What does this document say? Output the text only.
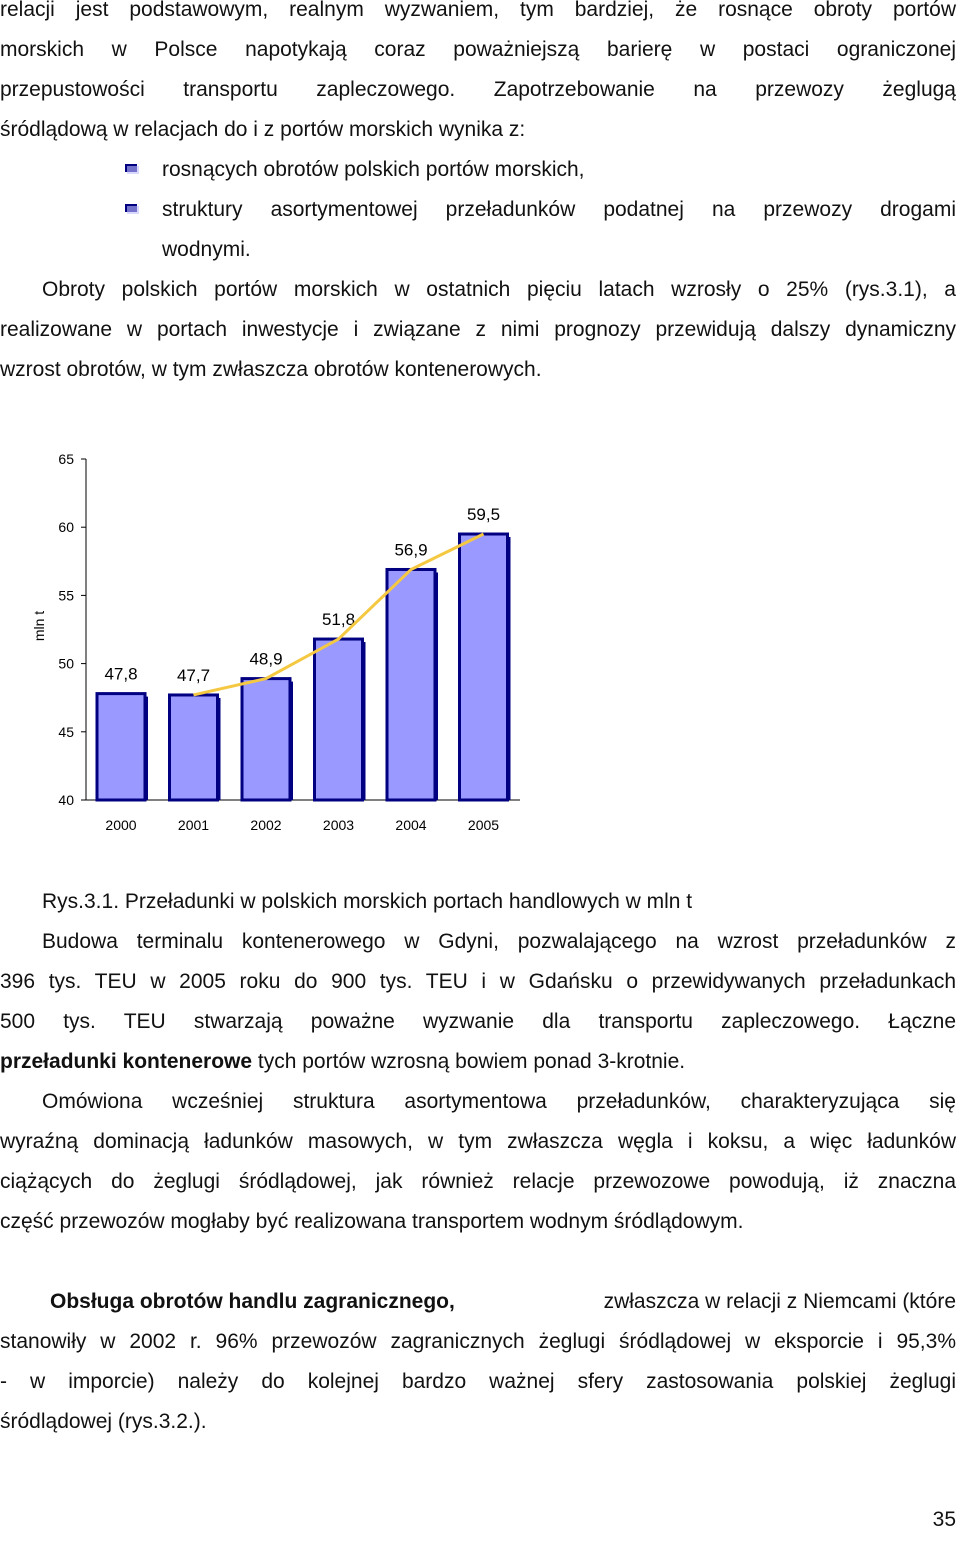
relacji jest podstawowym, realnym wyzwaniem, tym bardziej, że rosnące obroty portów
morskich w Polsce napotykają coraz poważniejszą barierę w postaci ograniczonej
przepustowości transportu zapleczowego. Zapotrzebowanie na przewozy żeglugą
śródlądową w relacjach do i z portów morskich wynika z:
rosnących obrotów polskich portów morskich,
struktury asortymentowej przeładunków podatnej na przewozy drogami
wodnymi.
Obroty polskich portów morskich w ostatnich pięciu latach wzrosły o 25% (rys.3.1), a
realizowane w portach inwestycje i związane z nimi prognozy przewidują dalszy dynamiczny
wzrost obrotów, w tym zwłaszcza obrotów kontenerowych.
40
45
50
55
60
65
mln t
2000
47,8
2001
47,7
2002
48,9
2003
51,8
2004
56,9
2005
59,5
Rys.3.1. Przeładunki w polskich morskich portach handlowych w mln t
Budowa terminalu kontenerowego w Gdyni, pozwalającego na wzrost przeładunków z
396 tys. TEU w 2005 roku do 900 tys. TEU i w Gdańsku o przewidywanych przeładunkach
500 tys. TEU stwarzają poważne wyzwanie dla transportu zapleczowego. Łączne
przeładunki kontenerowe tych portów wzrosną bowiem ponad 3-krotnie.
Omówiona wcześniej struktura asortymentowa przeładunków, charakteryzująca się
wyraźną dominacją ładunków masowych, w tym zwłaszcza węgla i koksu, a więc ładunków
ciążących do żeglugi śródlądowej, jak również relacje przewozowe powodują, iż znaczna
część przewozów mogłaby być realizowana transportem wodnym śródlądowym.
Obsługa obrotów handlu zagranicznego,	zwłaszcza w relacji z Niemcami (które
stanowiły w 2002 r. 96% przewozów zagranicznych żeglugi śródlądowej w eksporcie i 95,3%
- w imporcie) należy do kolejnej bardzo ważnej sfery zastosowania polskiej żeglugi
śródlądowej (rys.3.2.).
35
